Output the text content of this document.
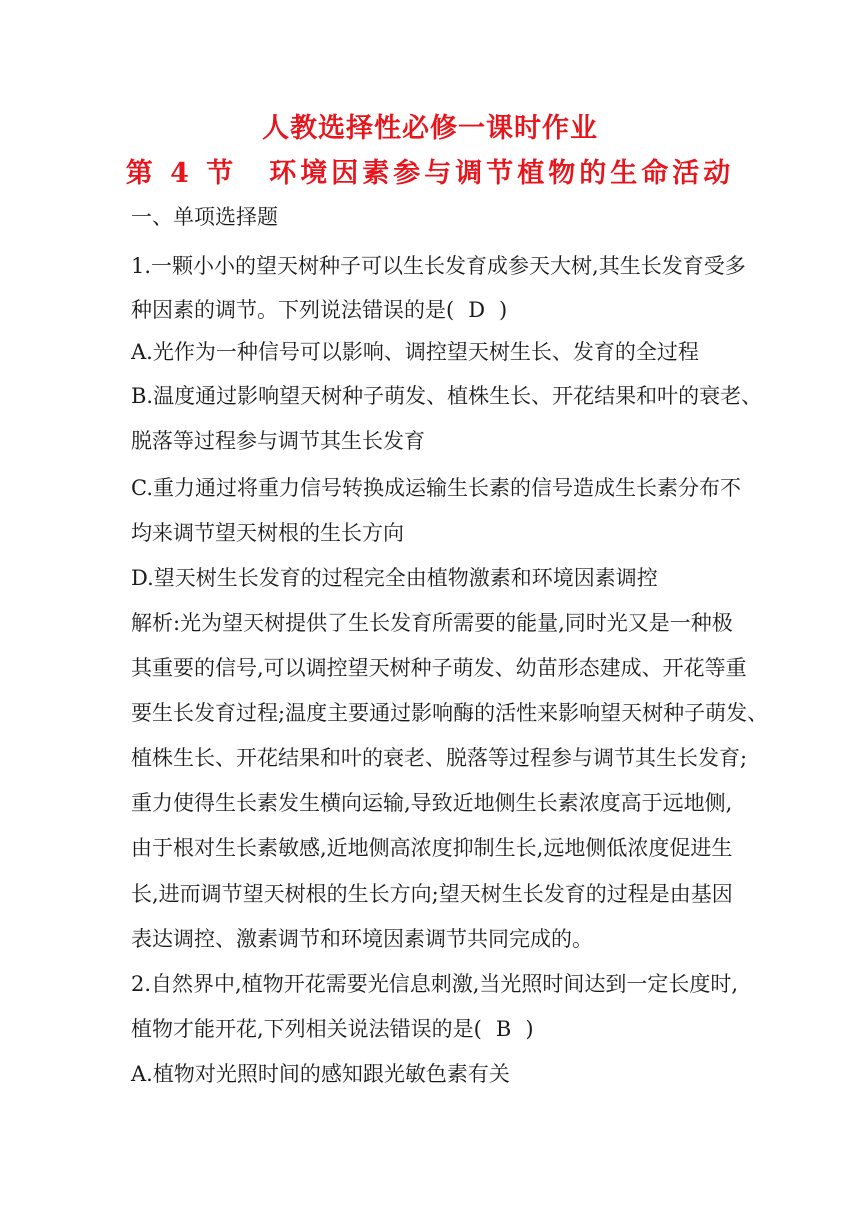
人教选择性必修一课时作业
第 4 节 环境因素参与调节植物的生命活动
一、单项选择题
1.一颗小小的望天树种子可以生长发育成参天大树,其生长发育受多
种因素的调节。下列说法错误的是( D )
A.光作为一种信号可以影响、调控望天树生长、发育的全过程
B.温度通过影响望天树种子萌发、植株生长、开花结果和叶的衰老、
脱落等过程参与调节其生长发育
C.重力通过将重力信号转换成运输生长素的信号造成生长素分布不
均来调节望天树根的生长方向
D.望天树生长发育的过程完全由植物激素和环境因素调控
解析:光为望天树提供了生长发育所需要的能量,同时光又是一种极
其重要的信号,可以调控望天树种子萌发、幼苗形态建成、开花等重
要生长发育过程;温度主要通过影响酶的活性来影响望天树种子萌发、
植株生长、开花结果和叶的衰老、脱落等过程参与调节其生长发育;
重力使得生长素发生横向运输,导致近地侧生长素浓度高于远地侧,
由于根对生长素敏感,近地侧高浓度抑制生长,远地侧低浓度促进生
长,进而调节望天树根的生长方向;望天树生长发育的过程是由基因
表达调控、激素调节和环境因素调节共同完成的。
2.自然界中,植物开花需要光信息刺激,当光照时间达到一定长度时,
植物才能开花,下列相关说法错误的是( B )
A.植物对光照时间的感知跟光敏色素有关
